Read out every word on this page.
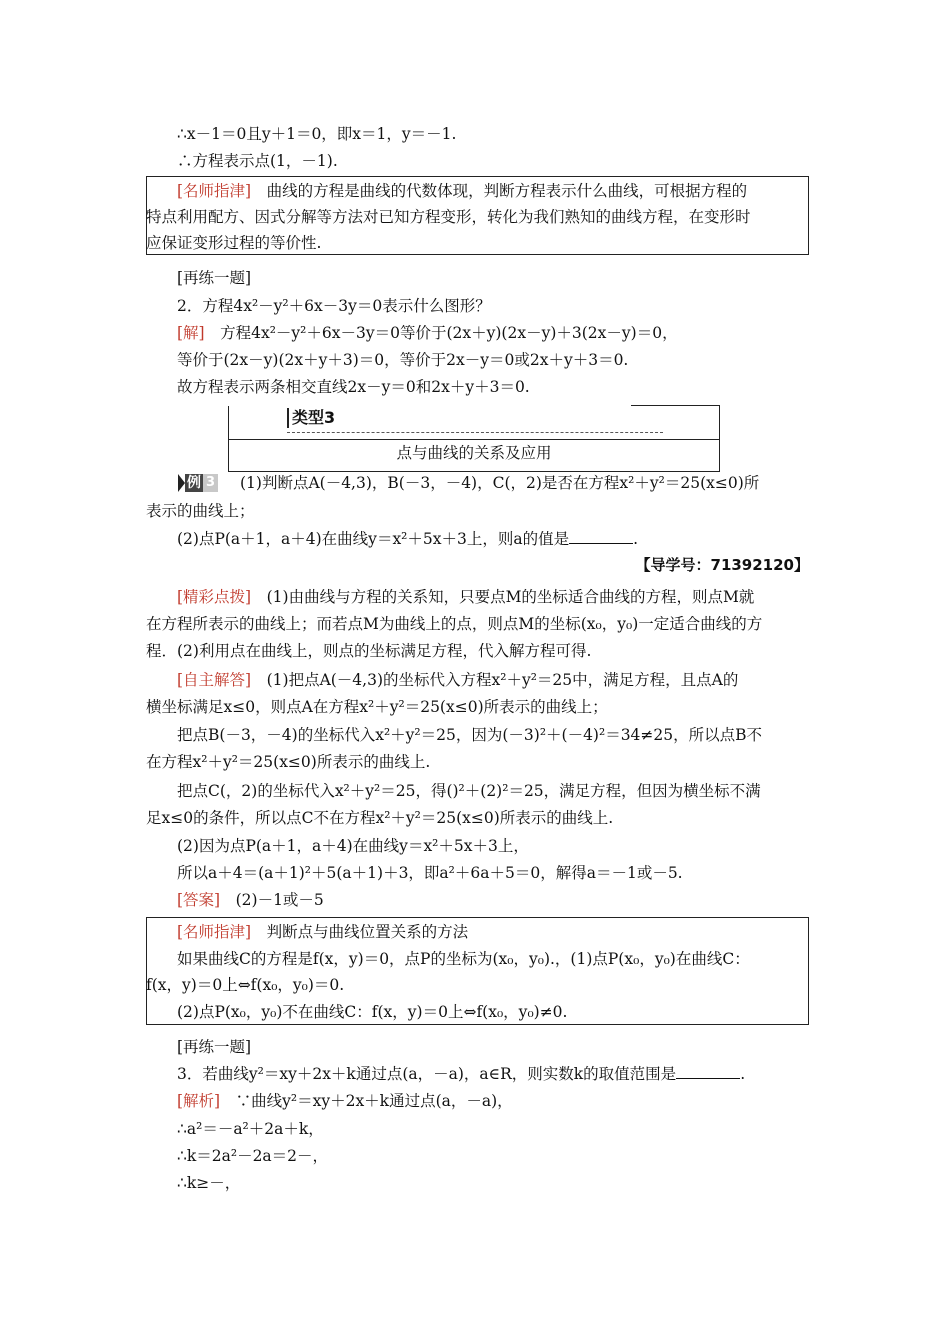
∴x－1＝0且y＋1＝0，即x＝1，y＝－1.
∴方程表示点(1，－1).
[名师指津]　曲线的方程是曲线的代数体现，判断方程表示什么曲线，可根据方程的
特点利用配方、因式分解等方法对已知方程变形，转化为我们熟知的曲线方程，在变形时
应保证变形过程的等价性.
[再练一题]
2．方程4x²－y²＋6x－3y＝0表示什么图形？
[解]　方程4x²－y²＋6x－3y＝0等价于(2x＋y)(2x－y)＋3(2x－y)＝0，
等价于(2x－y)(2x＋y＋3)＝0，等价于2x－y＝0或2x＋y＋3＝0.
故方程表示两条相交直线2x－y＝0和2x＋y＋3＝0.
类型3
点与曲线的关系及应用
例 3 (1)判断点A(－4,3)，B(－3，－4)，C(，2)是否在方程x²＋y²＝25(x≤0)所
表示的曲线上；
(2)点P(a＋1，a＋4)在曲线y＝x²＋5x＋3上，则a的值是	.
【导学号：71392120】
[精彩点拨]　(1)由曲线与方程的关系知，只要点M的坐标适合曲线的方程，则点M就
在方程所表示的曲线上；而若点M为曲线上的点，则点M的坐标(x₀，y₀)一定适合曲线的方
程．(2)利用点在曲线上，则点的坐标满足方程，代入解方程可得.
[自主解答]　(1)把点A(－4,3)的坐标代入方程x²＋y²＝25中，满足方程，且点A的
横坐标满足x≤0，则点A在方程x²＋y²＝25(x≤0)所表示的曲线上；
把点B(－3，－4)的坐标代入x²＋y²＝25，因为(－3)²＋(－4)²＝34≠25，所以点B不
在方程x²＋y²＝25(x≤0)所表示的曲线上.
把点C(，2)的坐标代入x²＋y²＝25，得()²＋(2)²＝25，满足方程，但因为横坐标不满
足x≤0的条件，所以点C不在方程x²＋y²＝25(x≤0)所表示的曲线上.
(2)因为点P(a＋1，a＋4)在曲线y＝x²＋5x＋3上，
所以a＋4＝(a＋1)²＋5(a＋1)＋3，即a²＋6a＋5＝0，解得a＝－1或－5.
[答案]　(2)－1或－5
[名师指津]　判断点与曲线位置关系的方法
如果曲线C的方程是f(x，y)＝0，点P的坐标为(x₀，y₀).，(1)点P(x₀，y₀)在曲线C：
f(x，y)＝0上⇔f(x₀，y₀)＝0.
(2)点P(x₀，y₀)不在曲线C：f(x，y)＝0上⇔f(x₀，y₀)≠0.
[再练一题]
3．若曲线y²＝xy＋2x＋k通过点(a，－a)，a∈R，则实数k的取值范围是	.
[解析]　∵曲线y²＝xy＋2x＋k通过点(a，－a)，
∴a²＝－a²＋2a＋k，
∴k＝2a²－2a＝2－，
∴k≥－，
